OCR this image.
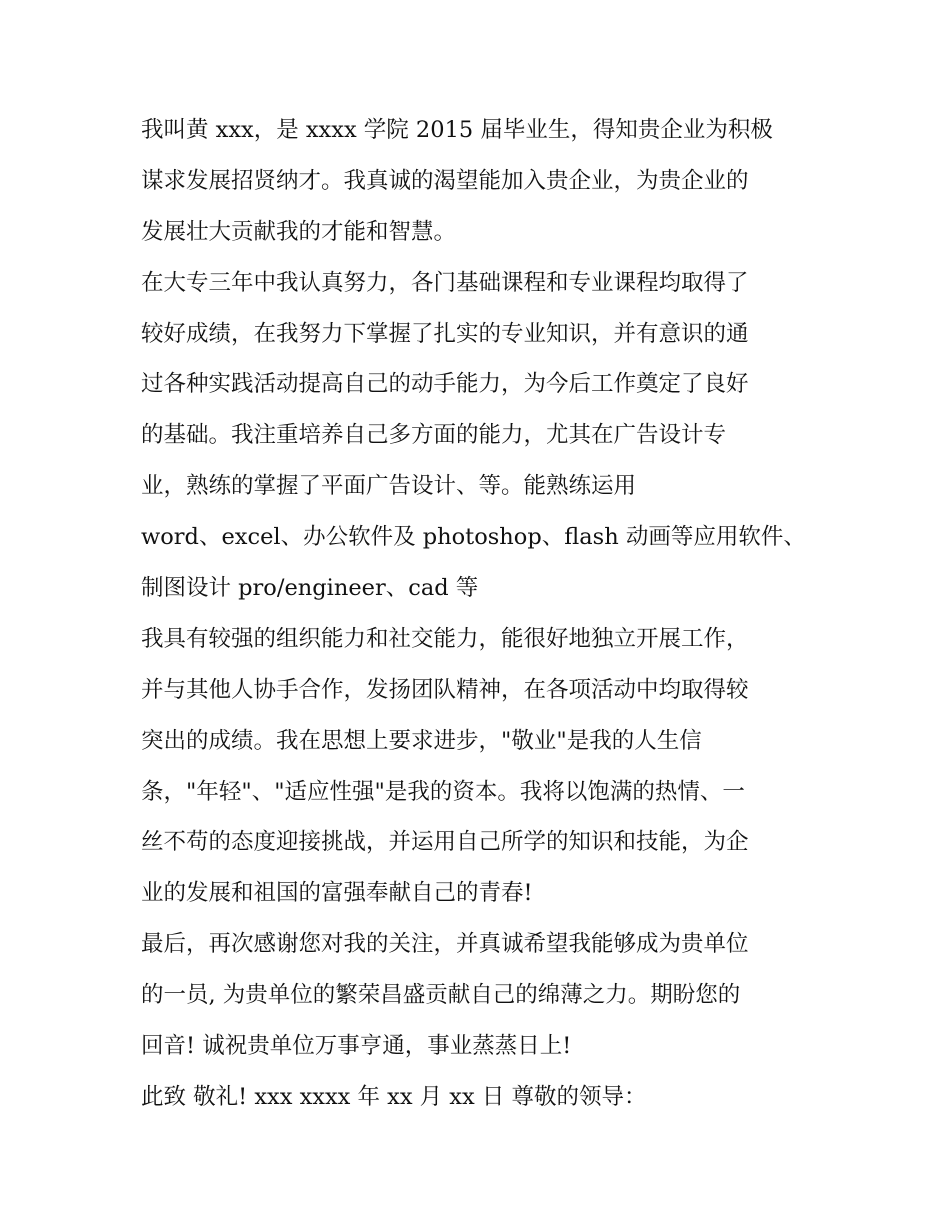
我叫黄 xxx，是 xxxx 学院 2015 届毕业生，得知贵企业为积极
谋求发展招贤纳才。我真诚的渴望能加入贵企业，为贵企业的
发展壮大贡献我的才能和智慧。
在大专三年中我认真努力，各门基础课程和专业课程均取得了
较好成绩，在我努力下掌握了扎实的专业知识，并有意识的通
过各种实践活动提高自己的动手能力，为今后工作奠定了良好
的基础。我注重培养自己多方面的能力，尤其在广告设计专
业，熟练的掌握了平面广告设计、等。能熟练运用
word、excel、办公软件及 photoshop、flash 动画等应用软件、
制图设计 pro/engineer、cad 等
我具有较强的组织能力和社交能力，能很好地独立开展工作，
并与其他人协手合作，发扬团队精神，在各项活动中均取得较
突出的成绩。我在思想上要求进步，"敬业"是我的人生信
条，"年轻"、"适应性强"是我的资本。我将以饱满的热情、一
丝不苟的态度迎接挑战，并运用自己所学的知识和技能，为企
业的发展和祖国的富强奉献自己的青春!
最后，再次感谢您对我的关注，并真诚希望我能够成为贵单位
的一员, 为贵单位的繁荣昌盛贡献自己的绵薄之力。期盼您的
回音! 诚祝贵单位万事亨通，事业蒸蒸日上!
此致 敬礼! xxx xxxx 年 xx 月 xx 日 尊敬的领导：
